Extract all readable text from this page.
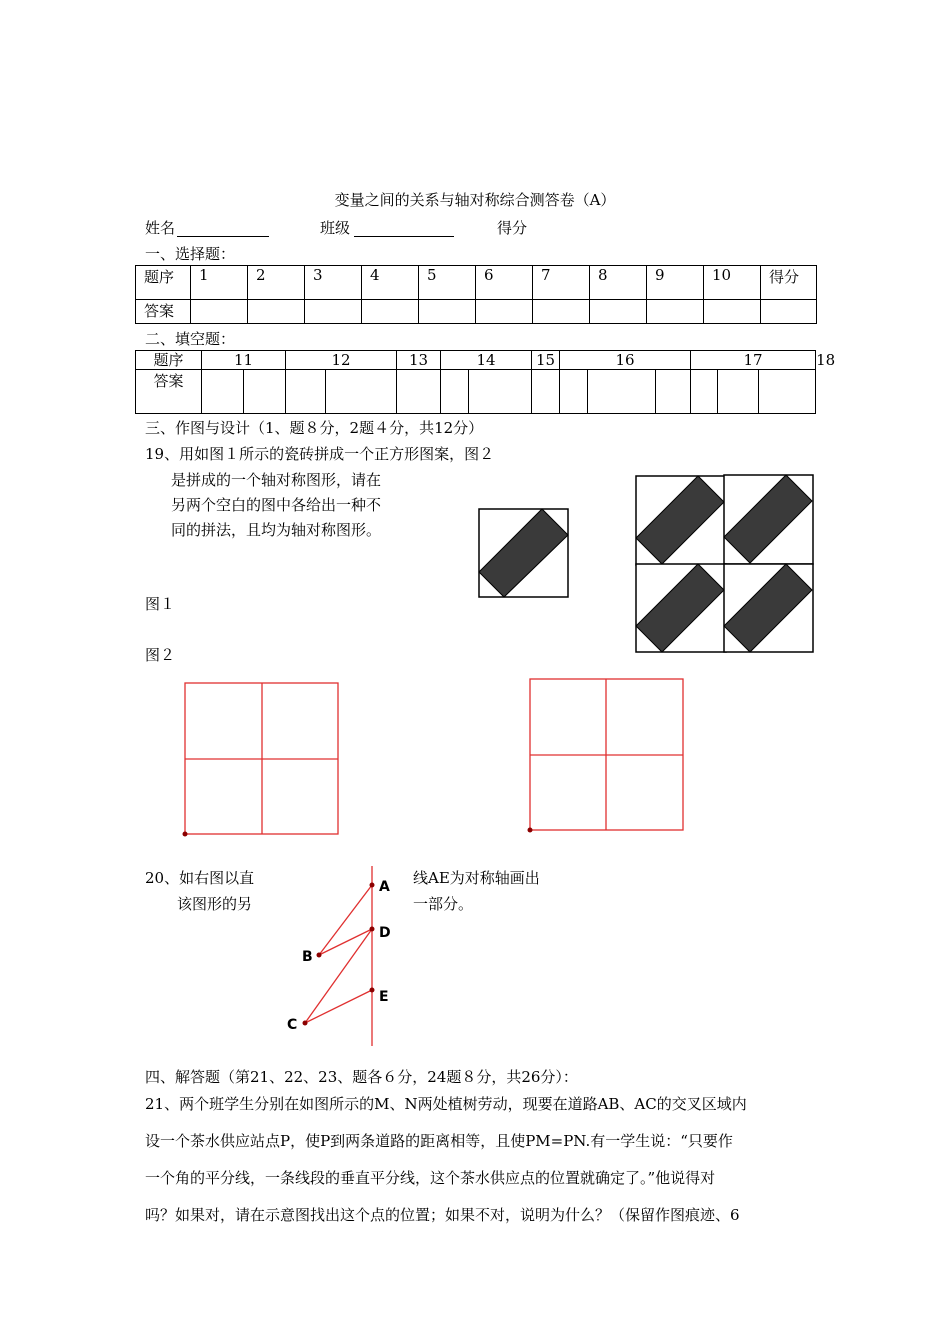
变量之间的关系与轴对称综合测答卷（A）
姓名	班级	得分
一、选择题：
题序	1	2	3	4	5	6	7	8	9	10	得分
答案											
二、填空题：
题序	11		12		13	14		15	16			17			18
答案															
三、作图与设计（1、题８分，2题４分，共12分）
19、用如图１所示的瓷砖拼成一个正方形图案，图２
是拼成的一个轴对称图形，请在
另两个空白的图中各给出一种不
同的拼法，且均为轴对称图形。
图１
图２
20、如右图以直
该图形的另
线AE为对称轴画出
一部分。
A
D
B
E
C
四、解答题（第21、22、23、题各６分，24题８分，共26分）：
21、两个班学生分别在如图所示的M、N两处植树劳动，现要在道路AB、AC的交叉区域内
设一个茶水供应站点P，使P到两条道路的距离相等，且使PM=PN.有一学生说：“只要作
一个角的平分线，一条线段的垂直平分线，这个茶水供应点的位置就确定了。”他说得对
吗？如果对，请在示意图找出这个点的位置；如果不对，说明为什么？（保留作图痕迹、6
